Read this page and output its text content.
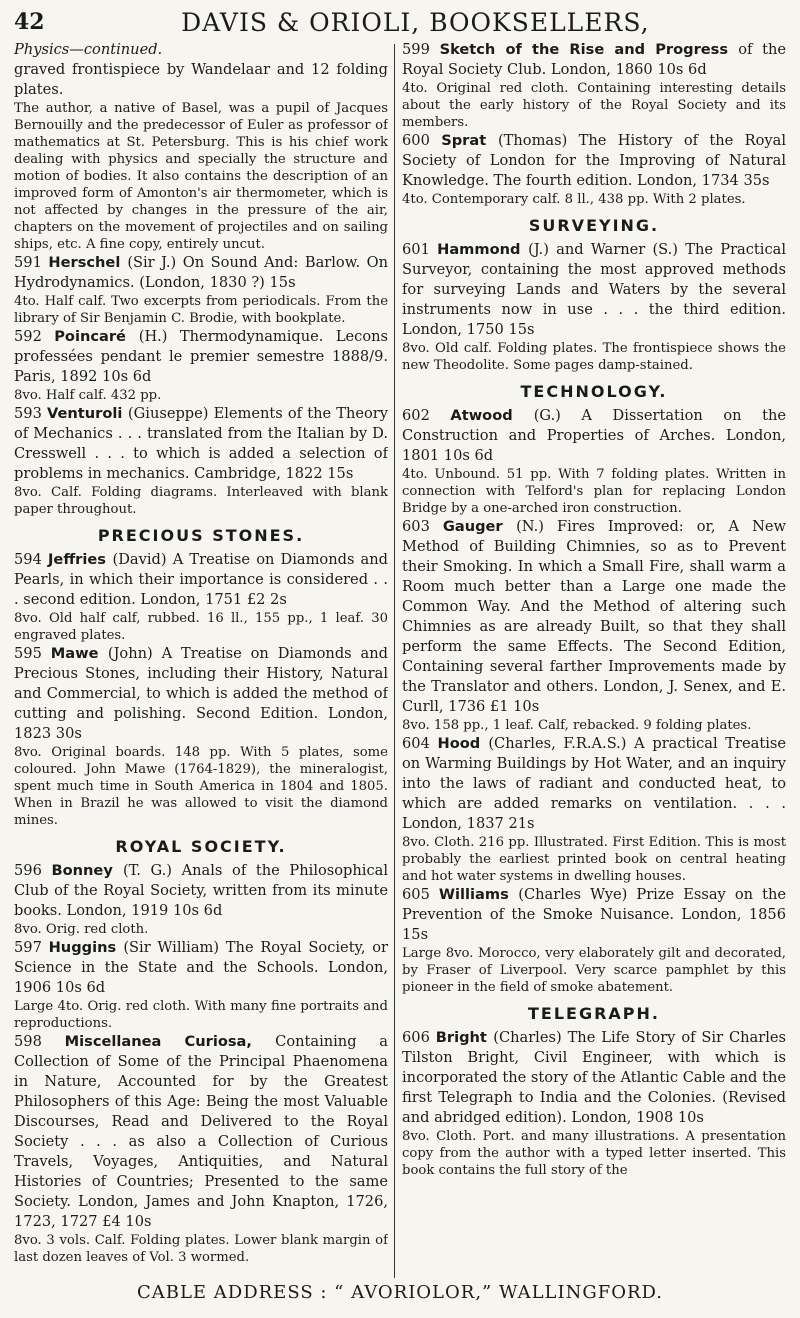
42	DAVIS & ORIOLI, BOOKSELLERS,

Physics—continued.
graved frontispiece by Wandelaar and 12 folding plates.

The author, a native of Basel, was a pupil of Jacques Bernouilly and the predecessor of Euler as professor of mathematics at St. Petersburg. This is his chief work dealing with physics and specially the structure and motion of bodies. It also contains the description of an improved form of Amonton's air thermometer, which is not affected by changes in the pressure of the air, chapters on the movement of projectiles and on sailing ships, etc. A fine copy, entirely uncut.

591 Herschel (Sir J.) On Sound And: Barlow. On Hydrodynamics. (London, 1830 ?) 15s
4to. Half calf. Two excerpts from periodicals. From the library of Sir Benjamin C. Brodie, with bookplate.

592 Poincaré (H.) Thermodynamique. Lecons professées pendant le premier semestre 1888/9. Paris, 1892 10s 6d
8vo. Half calf. 432 pp.

593 Venturoli (Giuseppe) Elements of the Theory of Mechanics . . . translated from the Italian by D. Cresswell . . . to which is added a selection of problems in mechanics. Cambridge, 1822 15s
8vo. Calf. Folding diagrams. Interleaved with blank paper throughout.

PRECIOUS STONES.

594 Jeffries (David) A Treatise on Diamonds and Pearls, in which their importance is considered . . . second edition. London, 1751 £2 2s
8vo. Old half calf, rubbed. 16 ll., 155 pp., 1 leaf. 30 engraved plates.

595 Mawe (John) A Treatise on Diamonds and Precious Stones, including their History, Natural and Commercial, to which is added the method of cutting and polishing. Second Edition. London, 1823 30s
8vo. Original boards. 148 pp. With 5 plates, some coloured. John Mawe (1764-1829), the mineralogist, spent much time in South America in 1804 and 1805. When in Brazil he was allowed to visit the diamond mines.

ROYAL SOCIETY.

596 Bonney (T. G.) Anals of the Philosophical Club of the Royal Society, written from its minute books. London, 1919 10s 6d
8vo. Orig. red cloth.

597 Huggins (Sir William) The Royal Society, or Science in the State and the Schools. London, 1906 10s 6d
Large 4to. Orig. red cloth. With many fine portraits and reproductions.

598 Miscellanea Curiosa, Containing a Collection of Some of the Principal Phaenomena in Nature, Accounted for by the Greatest Philosophers of this Age: Being the most Valuable Discourses, Read and Delivered to the Royal Society . . . as also a Collection of Curious Travels, Voyages, Antiquities, and Natural Histories of Countries; Presented to the same Society. London, James and John Knapton, 1726, 1723, 1727 £4 10s
8vo. 3 vols. Calf. Folding plates. Lower blank margin of last dozen leaves of Vol. 3 wormed.

599 Sketch of the Rise and Progress of the Royal Society Club. London, 1860 10s 6d
4to. Original red cloth. Containing interesting details about the early history of the Royal Society and its members.

600 Sprat (Thomas) The History of the Royal Society of London for the Improving of Natural Knowledge. The fourth edition. London, 1734 35s
4to. Contemporary calf. 8 ll., 438 pp. With 2 plates.

SURVEYING.

601 Hammond (J.) and Warner (S.) The Practical Surveyor, containing the most approved methods for surveying Lands and Waters by the several instruments now in use . . . the third edition. London, 1750 15s
8vo. Old calf. Folding plates. The frontispiece shows the new Theodolite. Some pages damp-stained.

TECHNOLOGY.

602 Atwood (G.) A Dissertation on the Construction and Properties of Arches. London, 1801 10s 6d
4to. Unbound. 51 pp. With 7 folding plates. Written in connection with Telford's plan for replacing London Bridge by a one-arched iron construction.

603 Gauger (N.) Fires Improved: or, A New Method of Building Chimnies, so as to Prevent their Smoking. In which a Small Fire, shall warm a Room much better than a Large one made the Common Way. And the Method of altering such Chimnies as are already Built, so that they shall perform the same Effects. The Second Edition, Containing several farther Improvements made by the Translator and others. London, J. Senex, and E. Curll, 1736 £1 10s
8vo. 158 pp., 1 leaf. Calf, rebacked. 9 folding plates.

604 Hood (Charles, F.R.A.S.) A practical Treatise on Warming Buildings by Hot Water, and an inquiry into the laws of radiant and conducted heat, to which are added remarks on ventilation. . . . London, 1837 21s
8vo. Cloth. 216 pp. Illustrated. First Edition. This is most probably the earliest printed book on central heating and hot water systems in dwelling houses.

605 Williams (Charles Wye) Prize Essay on the Prevention of the Smoke Nuisance. London, 1856 15s
Large 8vo. Morocco, very elaborately gilt and decorated, by Fraser of Liverpool. Very scarce pamphlet by this pioneer in the field of smoke abatement.

TELEGRAPH.

606 Bright (Charles) The Life Story of Sir Charles Tilston Bright, Civil Engineer, with which is incorporated the story of the Atlantic Cable and the first Telegraph to India and the Colonies. (Revised and abridged edition). London, 1908 10s
8vo. Cloth. Port. and many illustrations. A presentation copy from the author with a typed letter inserted. This book contains the full story of the

CABLE ADDRESS : “ AVORIOLOR,” WALLINGFORD.
